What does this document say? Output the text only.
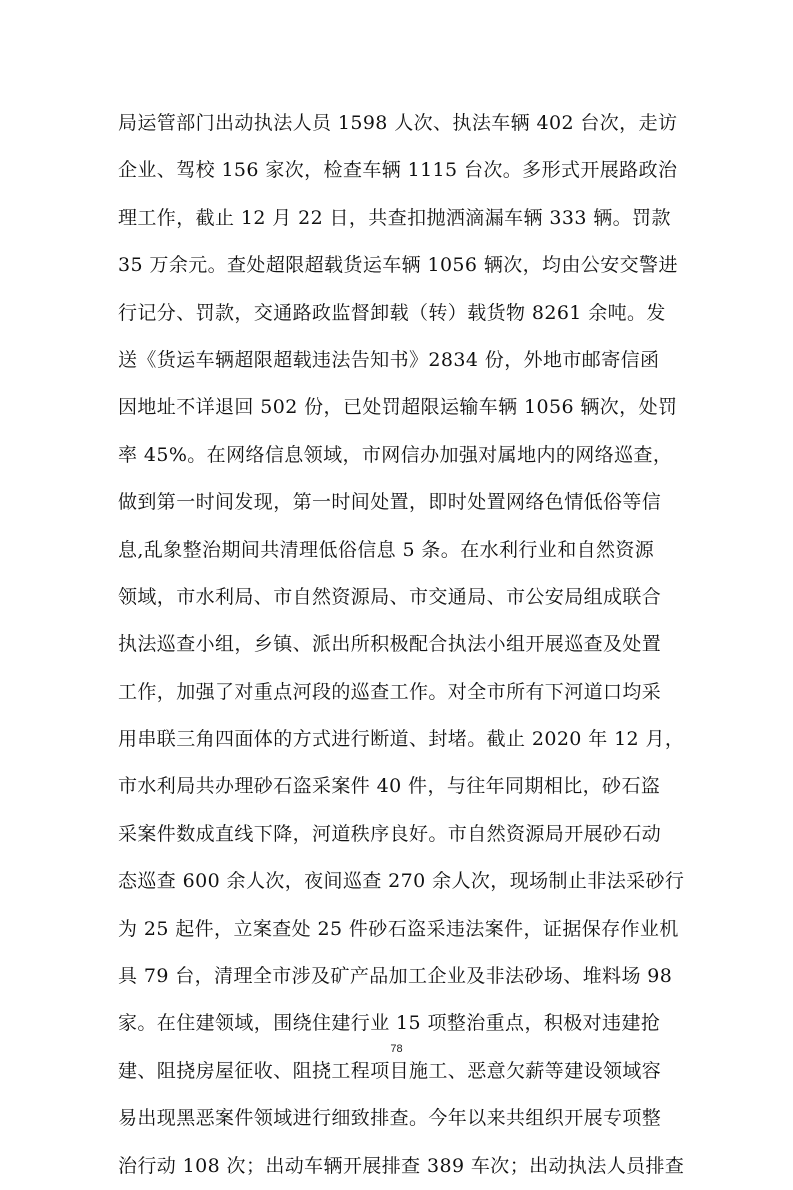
局运管部门出动执法人员 1598 人次、执法车辆 402 台次，走访
企业、驾校 156 家次，检查车辆 1115 台次。多形式开展路政治
理工作，截止 12 月 22 日，共查扣抛洒滴漏车辆 333 辆。罚款
35 万余元。查处超限超载货运车辆 1056 辆次，均由公安交警进
行记分、罚款，交通路政监督卸载（转）载货物 8261 余吨。发
送《货运车辆超限超载违法告知书》2834 份，外地市邮寄信函
因地址不详退回 502 份，已处罚超限运输车辆 1056 辆次，处罚
率 45%。在网络信息领域，市网信办加强对属地内的网络巡查，
做到第一时间发现，第一时间处置，即时处置网络色情低俗等信
息,乱象整治期间共清理低俗信息 5 条。在水利行业和自然资源
领域，市水利局、市自然资源局、市交通局、市公安局组成联合
执法巡查小组，乡镇、派出所积极配合执法小组开展巡查及处置
工作，加强了对重点河段的巡查工作。对全市所有下河道口均采
用串联三角四面体的方式进行断道、封堵。截止 2020 年 12 月，
市水利局共办理砂石盗采案件 40 件，与往年同期相比，砂石盗
采案件数成直线下降，河道秩序良好。市自然资源局开展砂石动
态巡查 600 余人次，夜间巡查 270 余人次，现场制止非法采砂行
为 25 起件，立案查处 25 件砂石盗采违法案件，证据保存作业机
具 79 台，清理全市涉及矿产品加工企业及非法砂场、堆料场 98
家。在住建领域，围绕住建行业 15 项整治重点，积极对违建抢
建、阻挠房屋征收、阻挠工程项目施工、恶意欠薪等建设领域容
易出现黑恶案件领域进行细致排查。今年以来共组织开展专项整
治行动 108 次；出动车辆开展排查 389 车次；出动执法人员排查
78
